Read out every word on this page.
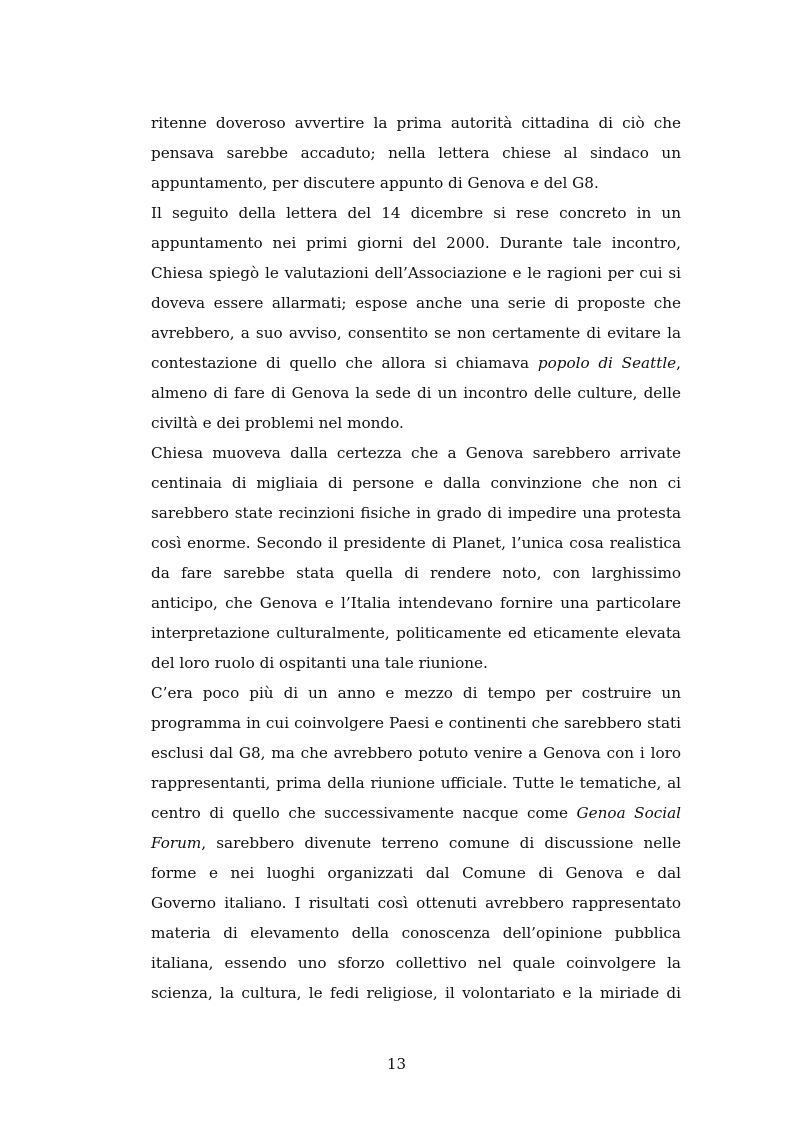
ritenne doveroso avvertire la prima autorità cittadina di ciò che
pensava sarebbe accaduto; nella lettera chiese al sindaco un
appuntamento, per discutere appunto di Genova e del G8.
Il seguito della lettera del 14 dicembre si rese concreto in un
appuntamento nei primi giorni del 2000. Durante tale incontro,
Chiesa spiegò le valutazioni dell’Associazione e le ragioni per cui si
doveva essere allarmati; espose anche una serie di proposte che
avrebbero, a suo avviso, consentito se non certamente di evitare la
contestazione di quello che allora si chiamava popolo di Seattle,
almeno di fare di Genova la sede di un incontro delle culture, delle
civiltà e dei problemi nel mondo.
Chiesa muoveva dalla certezza che a Genova sarebbero arrivate
centinaia di migliaia di persone e dalla convinzione che non ci
sarebbero state recinzioni fisiche in grado di impedire una protesta
così enorme. Secondo il presidente di Planet, l’unica cosa realistica
da fare sarebbe stata quella di rendere noto, con larghissimo
anticipo, che Genova e l’Italia intendevano fornire una particolare
interpretazione culturalmente, politicamente ed eticamente elevata
del loro ruolo di ospitanti una tale riunione.
C’era poco più di un anno e mezzo di tempo per costruire un
programma in cui coinvolgere Paesi e continenti che sarebbero stati
esclusi dal G8, ma che avrebbero potuto venire a Genova con i loro
rappresentanti, prima della riunione ufficiale. Tutte le tematiche, al
centro di quello che successivamente nacque come Genoa Social
Forum, sarebbero divenute terreno comune di discussione nelle
forme e nei luoghi organizzati dal Comune di Genova e dal
Governo italiano. I risultati così ottenuti avrebbero rappresentato
materia di elevamento della conoscenza dell’opinione pubblica
italiana, essendo uno sforzo collettivo nel quale coinvolgere la
scienza, la cultura, le fedi religiose, il volontariato e la miriade di
13
